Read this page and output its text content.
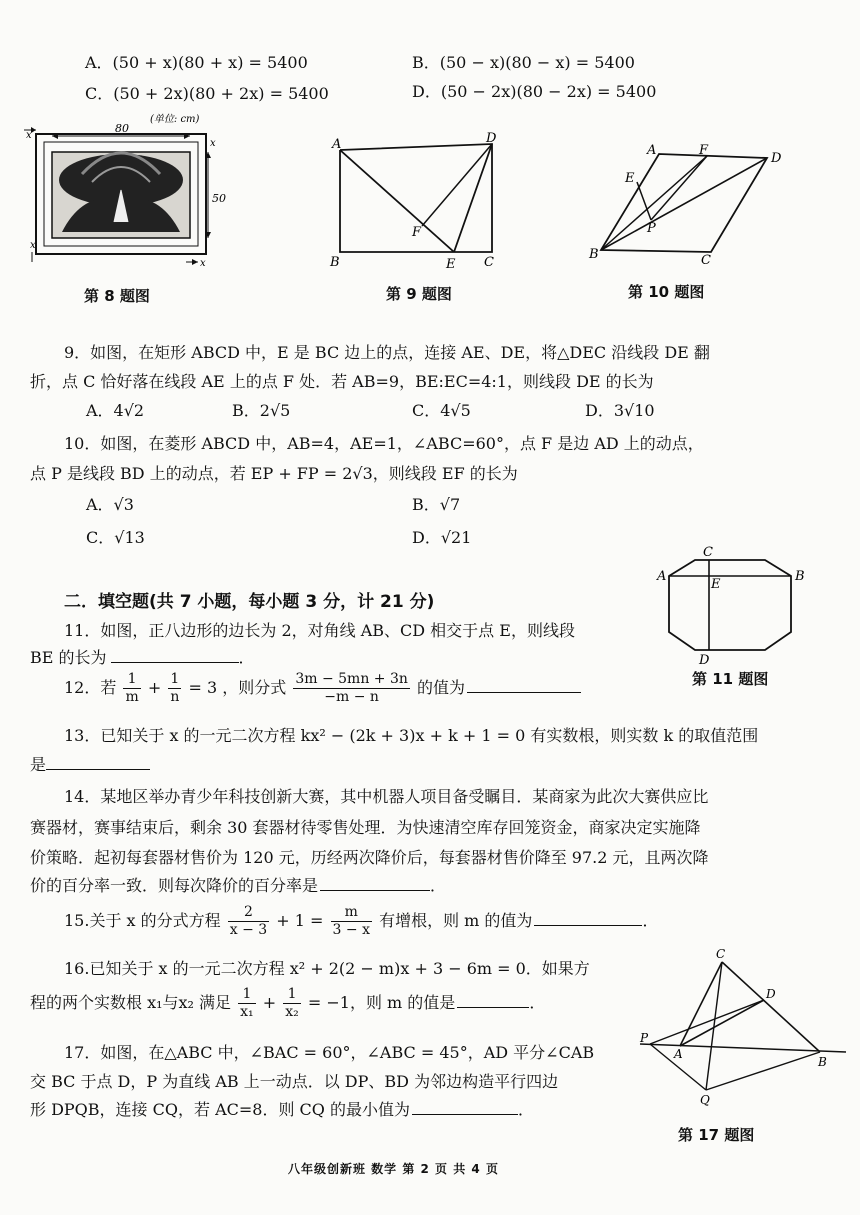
A．(50 + x)(80 + x) = 5400	B．(50 − x)(80 − x) = 5400
C．(50 + 2x)(80 + 2x) = 5400	D．(50 − 2x)(80 − 2x) = 5400
80
(单位: cm)
50
x
x
x
x
第 8 题图
A	D
F
B	E C
第 9 题图
A	F
D
E
P
B	C
第 10 题图
9．如图，在矩形 ABCD 中，E 是 BC 边上的点，连接 AE、DE，将△DEC 沿线段 DE 翻
折，点 C 恰好落在线段 AE 上的点 F 处．若 AB=9，BE:EC=4:1，则线段 DE 的长为
A．4√2	B．2√5	C．4√5	D．3√10
10．如图，在菱形 ABCD 中，AB=4，AE=1，∠ABC=60°，点 F 是边 AD 上的动点，
点 P 是线段 BD 上的动点，若 EP + FP = 2√3，则线段 EF 的长为
A．√3	B．√7
C．√13	D．√21
C
A
E
B
D
第 11 题图
二．填空题(共 7 小题，每小题 3 分，计 21 分)
11．如图，正八边形的边长为 2，对角线 AB、CD 相交于点 E，则线段
BE 的长为	．
12．若 $\frac{1}{m} + \frac{1}{n} = 3$ ，则分式 $\frac{3m - 5mn + 3n}{-m - n}$ 的值为
13．已知关于 x 的一元二次方程 kx² − (2k + 3)x + k + 1 = 0 有实数根，则实数 k 的取值范围
是
14．某地区举办青少年科技创新大赛，其中机器人项目备受瞩目．某商家为此次大赛供应比
赛器材，赛事结束后，剩余 30 套器材待零售处理．为快速清空库存回笼资金，商家决定实施降
价策略．起初每套器材售价为 120 元，历经两次降价后，每套器材售价降至 97.2 元，且两次降
价的百分率一致．则每次降价的百分率是	．
15.关于 x 的分式方程 $\frac{2}{x - 3} + 1 = \frac{m}{3 - x}$ 有增根，则 m 的值为	．
16.已知关于 x 的一元二次方程 x² + 2(2 − m)x + 3 − 6m = 0．如果方
程的两个实数根 x₁与x₂ 满足 $\frac{1}{\text{x₁}} + \frac{1}{\text{x₂}} = -1$，则 m 的值是	．
17．如图，在△ABC 中，∠BAC = 60°，∠ABC = 45°，AD 平分∠CAB
交 BC 于点 D，P 为直线 AB 上一动点．以 DP、BD 为邻边构造平行四边
形 DPQB，连接 CQ，若 AC=8．则 CQ 的最小值为	．
C
D
P
A
B
Q
第 17 题图
八年级创新班 数学 第 2 页 共 4 页
